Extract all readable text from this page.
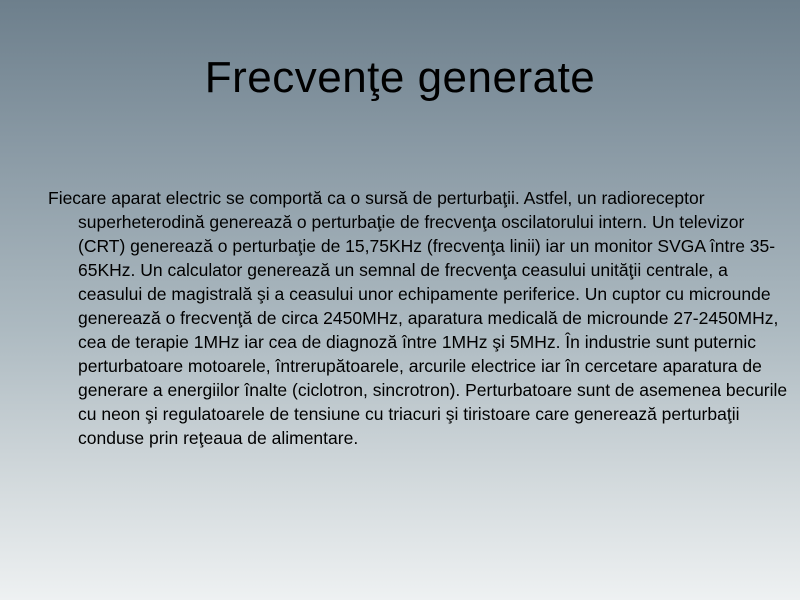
Frecvenţe generate

Fiecare aparat electric se comportă ca o sursă de perturbaţii. Astfel, un radioreceptor superheterodină generează o perturbaţie de frecvenţa oscilatorului intern. Un televizor (CRT) generează o perturbaţie de 15,75KHz (frecvenţa linii) iar un monitor SVGA între 35-65KHz. Un calculator generează un semnal de frecvenţa ceasului unităţii centrale, a ceasului de magistrală şi a ceasului unor echipamente periferice. Un cuptor cu microunde generează o frecvenţă de circa 2450MHz, aparatura medicală de microunde 27-2450MHz, cea de terapie 1MHz iar cea de diagnoză între 1MHz şi 5MHz. În industrie sunt puternic perturbatoare motoarele, întrerupătoarele, arcurile electrice iar în cercetare aparatura de generare a energiilor înalte (ciclotron, sincrotron). Perturbatoare sunt de asemenea becurile cu neon şi regulatoarele de tensiune cu triacuri şi tiristoare care generează perturbaţii conduse prin reţeaua de alimentare.
